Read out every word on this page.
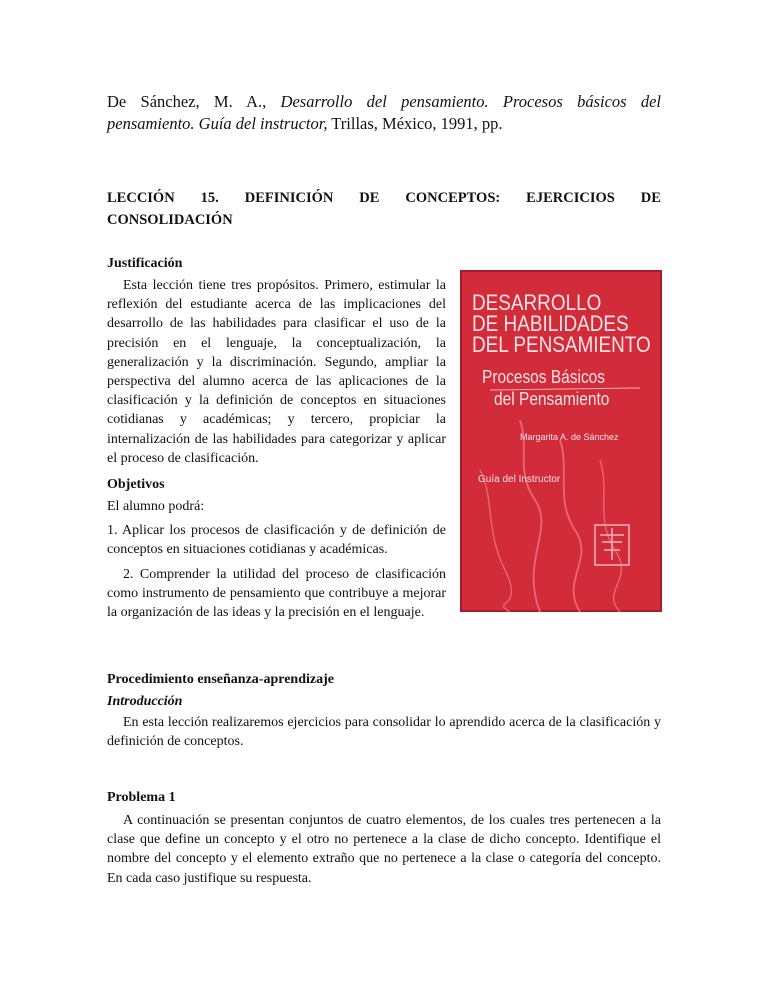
De Sánchez, M. A., Desarrollo del pensamiento. Procesos básicos del pensamiento. Guía del instructor, Trillas, México, 1991, pp.
LECCIÓN 15. DEFINICIÓN DE CONCEPTOS: EJERCICIOS DE
CONSOLIDACIÓN

Justificación

Esta lección tiene tres propósitos. Primero, estimular la reflexión del estudiante acerca de las implicaciones del desarrollo de las habilidades para clasificar el uso de la precisión en el lenguaje, la conceptualización, la generalización y la discriminación. Segundo, ampliar la perspectiva del alumno acerca de las aplicaciones de la clasificación y la definición de conceptos en situaciones cotidianas y académicas; y tercero, propiciar la internalización de las habilidades para categorizar y aplicar el proceso de clasificación.

Objetivos

El alumno podrá:

1. Aplicar los procesos de clasificación y de definición de conceptos en situaciones cotidianas y académicas.

2. Comprender la utilidad del proceso de clasificación como instrumento de pensamiento que contribuye a mejorar la organización de las ideas y la precisión en el lenguaje.

Procedimiento enseñanza-aprendizaje

Introducción

En esta lección realizaremos ejercicios para consolidar lo aprendido acerca de la clasificación y definición de conceptos.

Problema 1

A continuación se presentan conjuntos de cuatro elementos, de los cuales tres pertenecen a la clase que define un concepto y el otro no pertenece a la clase de dicho concepto. Identifique el nombre del concepto y el elemento extraño que no pertenece a la clase o categoría del concepto. En cada caso justifique su respuesta.

DESARROLLO
DE HABILIDADES
DEL PENSAMIENTO
Procesos Básicos
del Pensamiento
Margarita A. de Sánchez
Guía del Instructor
